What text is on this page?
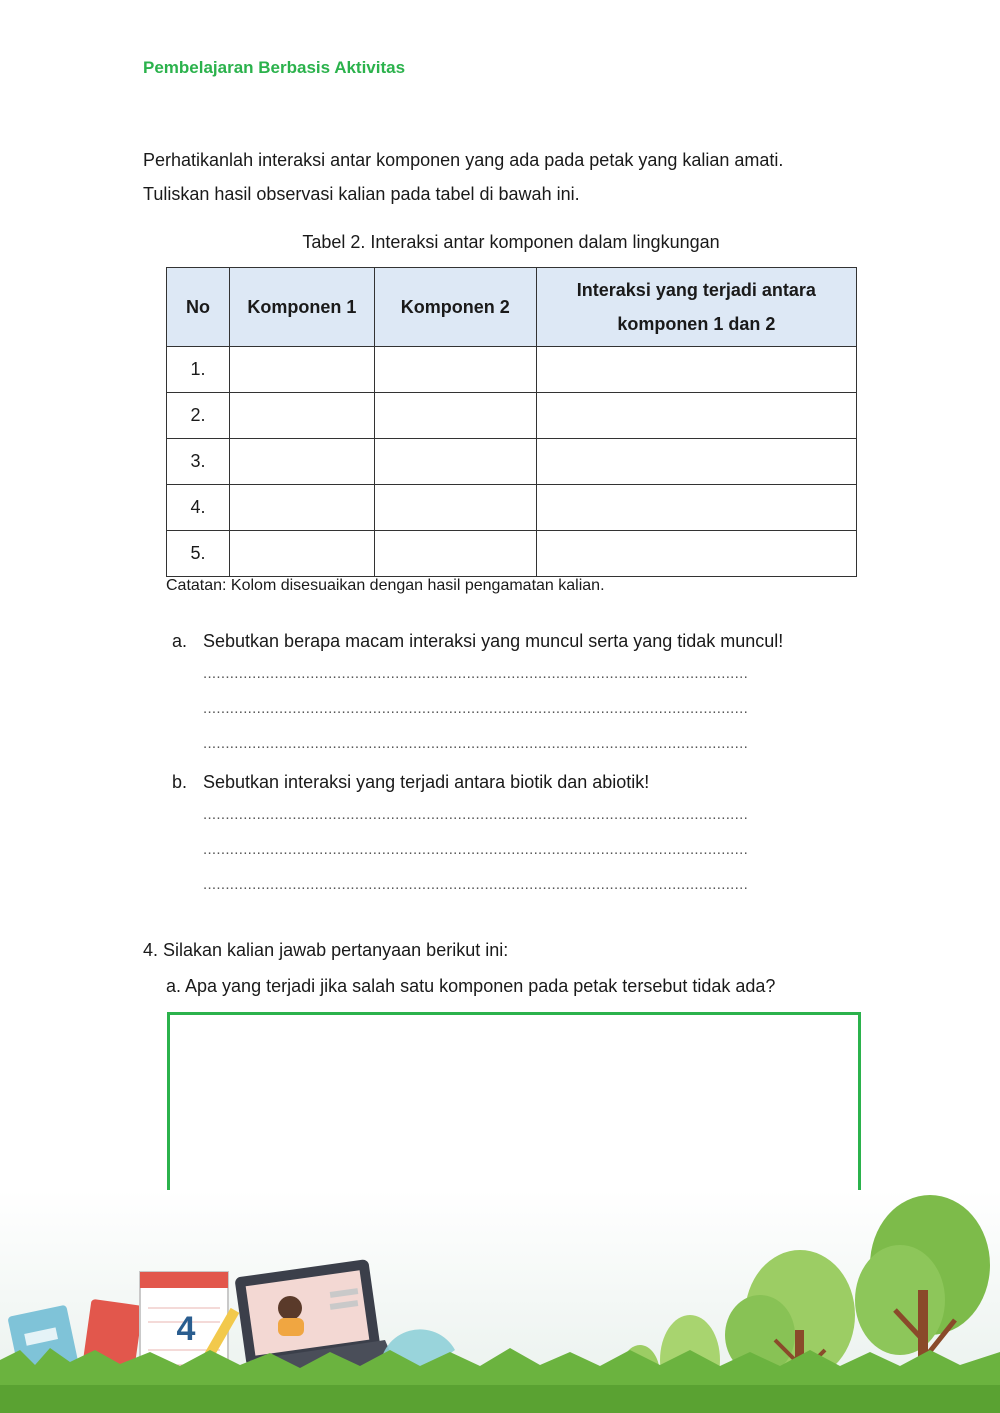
Pembelajaran Berbasis Aktivitas
Perhatikanlah interaksi antar komponen yang ada pada petak yang kalian amati.
Tuliskan hasil observasi kalian pada tabel di bawah ini.
Tabel 2. Interaksi antar komponen dalam lingkungan
No	Komponen 1	Komponen 2	Interaksi yang terjadi antara komponen 1 dan 2
1.			
2.			
3.			
4.			
5.			
Catatan: Kolom disesuaikan dengan hasil pengamatan kalian.
a. Sebutkan berapa macam interaksi yang muncul serta yang tidak muncul!
..........................................................................................................................
..........................................................................................................................
..........................................................................................................................
b. Sebutkan interaksi yang terjadi antara biotik dan abiotik!
..........................................................................................................................
..........................................................................................................................
..........................................................................................................................
4. Silakan kalian jawab pertanyaan berikut ini:
a. Apa yang terjadi jika salah satu komponen pada petak tersebut tidak ada?
4
